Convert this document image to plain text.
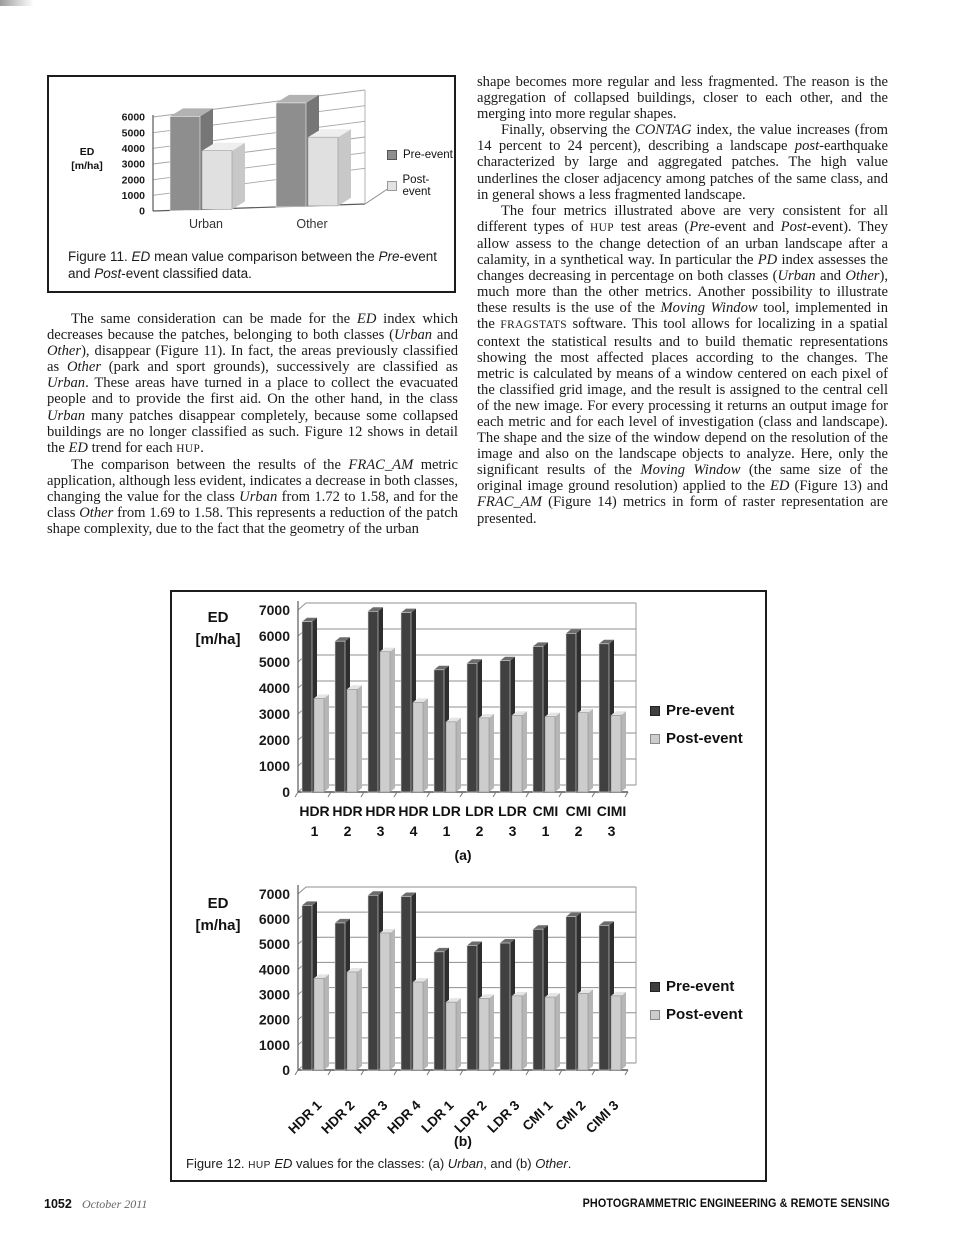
0
1000
2000
3000
4000
5000
6000
Urban	Other
ED
[m/ha]
Pre-event
Post-event
Figure 11. ED mean value comparison between the Pre-event and Post-event classified data.

The same consideration can be made for the ED index which decreases because the patches, belonging to both classes (Urban and Other), disappear (Figure 11). In fact, the areas previously classified as Other (park and sport grounds), successively are classified as Urban. These areas have turned in a place to collect the evacuated people and to provide the first aid. On the other hand, in the class Urban many patches disappear completely, because some collapsed buildings are no longer classified as such. Figure 12 shows in detail the ED trend for each HUP.

The comparison between the results of the FRAC_AM metric application, although less evident, indicates a decrease in both classes, changing the value for the class Urban from 1.72 to 1.58, and for the class Other from 1.69 to 1.58. This represents a reduction of the patch shape complexity, due to the fact that the geometry of the urban

shape becomes more regular and less fragmented. The reason is the aggregation of collapsed buildings, closer to each other, and the merging into more regular shapes.

Finally, observing the CONTAG index, the value increases (from 14 percent to 24 percent), describing a landscape post-earthquake characterized by large and aggregated patches. The high value underlines the closer adjacency among patches of the same class, and in general shows a less fragmented landscape.

The four metrics illustrated above are very consistent for all different types of HUP test areas (Pre-event and Post-event). They allow assess to the change detection of an urban landscape after a calamity, in a synthetical way. In particular the PD index assesses the changes decreasing in percentage on both classes (Urban and Other), much more than the other metrics. Another possibility to illustrate these results is the use of the Moving Window tool, implemented in the FRAGSTATS software. This tool allows for localizing in a spatial context the statistical results and to build thematic representations showing the most affected places according to the changes. The metric is calculated by means of a window centered on each pixel of the classified grid image, and the result is assigned to the central cell of the new image. For every processing it returns an output image for each metric and for each level of investigation (class and landscape). The shape and the size of the window depend on the resolution of the image and also on the landscape objects to analyze. Here, only the significant results of the Moving Window (the same size of the original image ground resolution) applied to the ED (Figure 13) and FRAC_AM (Figure 14) metrics in form of raster representation are presented.

0
1000
2000
3000
4000
5000
6000
7000
HDR
1
HDR
2
HDR
3
HDR
4
LDR
1
LDR
2
LDR
3
CMI
1
CMI
2
CIMI
3
ED
[m/ha]
(a)
Pre-event
Post-event
0
1000
2000
3000
4000
5000
6000
7000
HDR 1
HDR 2
HDR 3
HDR 4
LDR 1
LDR 2
LDR 3
CMI 1
CMI 2
CIMI 3
ED
[m/ha]
(b)
Pre-event
Post-event
Figure 12. HUP ED values for the classes: (a) Urban, and (b) Other.
1052 October 2011	PHOTOGRAMMETRIC ENGINEERING & REMOTE SENSING
